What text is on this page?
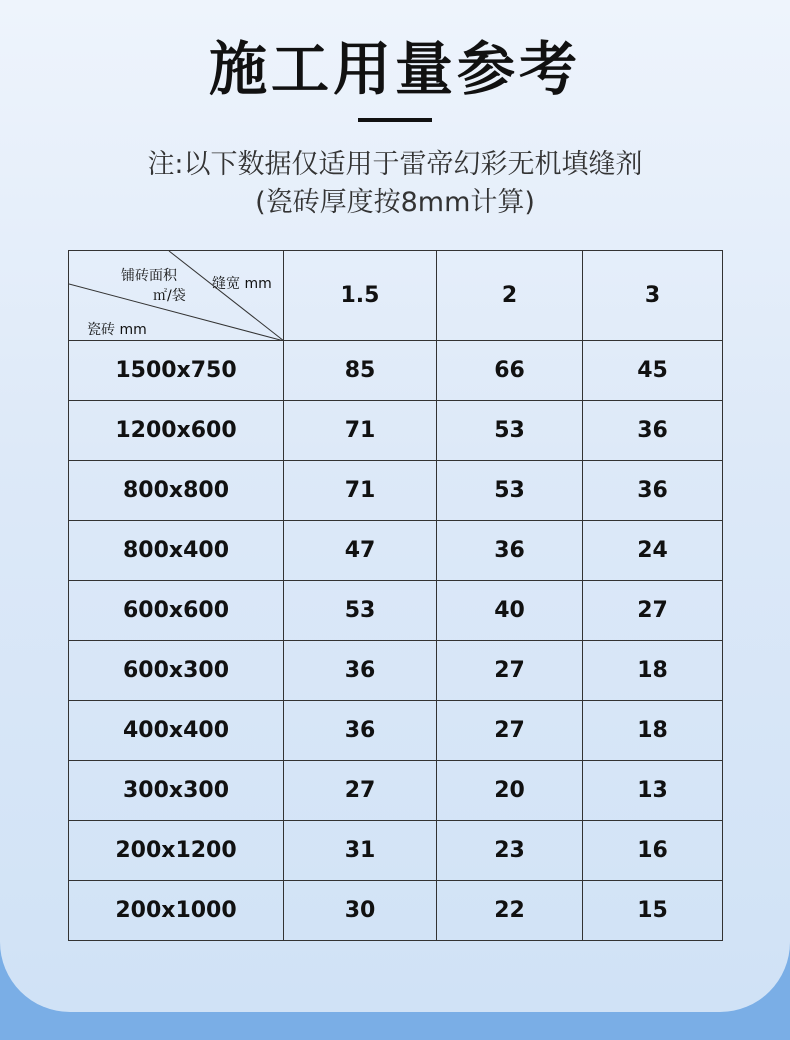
施工用量参考
注:以下数据仅适用于雷帝幻彩无机填缝剂
(瓷砖厚度按8mm计算)
铺砖面积
㎡/袋
缝宽 mm
瓷砖 mm	1.5	2	3
1500x750	85	66	45
1200x600	71	53	36
800x800	71	53	36
800x400	47	36	24
600x600	53	40	27
600x300	36	27	18
400x400	36	27	18
300x300	27	20	13
200x1200	31	23	16
200x1000	30	22	15
